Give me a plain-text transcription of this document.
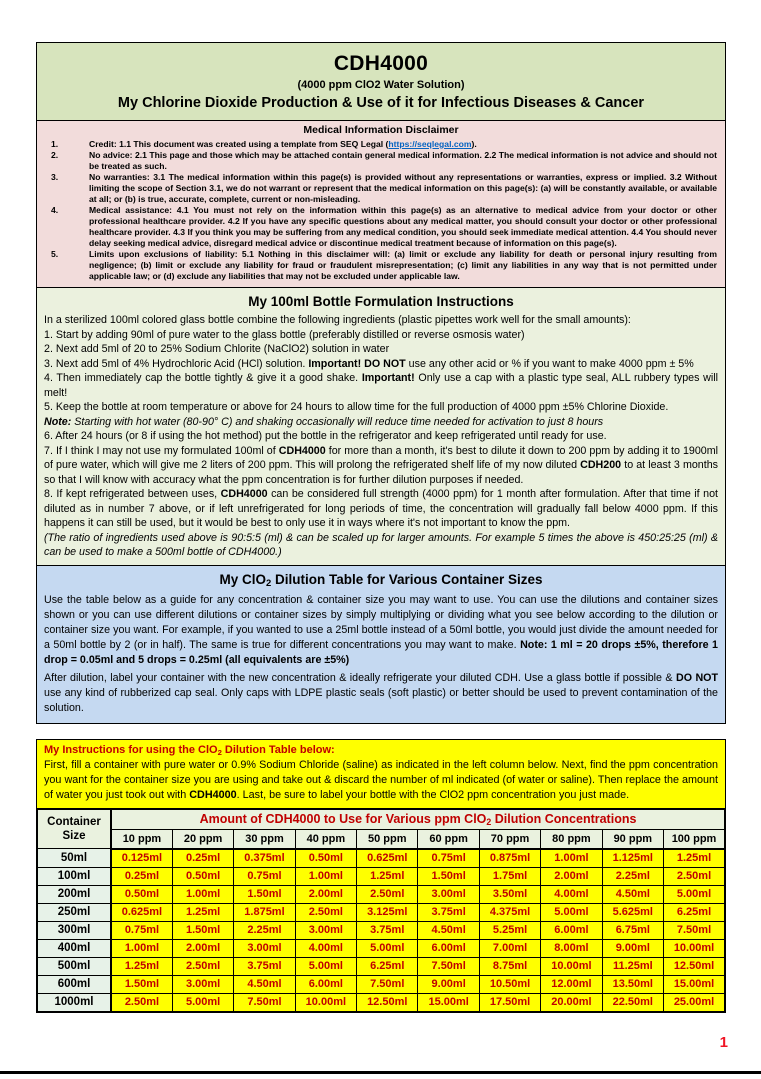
CDH4000
(4000 ppm ClO2 Water Solution)
My Chlorine Dioxide Production & Use of it for Infectious Diseases & Cancer
Medical Information Disclaimer
1.	Credit: 1.1 This document was created using a template from SEQ Legal (https://seqlegal.com).
2.	No advice: 2.1 This page and those which may be attached contain general medical information. 2.2 The medical information is not advice and should not be treated as such.
3.	No warranties: 3.1 The medical information within this page(s) is provided without any representations or warranties, express or implied. 3.2 Without limiting the scope of Section 3.1, we do not warrant or represent that the medical information on this page(s): (a) will be constantly available, or available at all; or (b) is true, accurate, complete, current or non-misleading.
4.	Medical assistance: 4.1 You must not rely on the information within this page(s) as an alternative to medical advice from your doctor or other professional healthcare provider. 4.2 If you have any specific questions about any medical matter, you should consult your doctor or other professional healthcare provider. 4.3 If you think you may be suffering from any medical condition, you should seek immediate medical attention. 4.4 You should never delay seeking medical advice, disregard medical advice or discontinue medical treatment because of information on this page(s).
5.	Limits upon exclusions of liability: 5.1 Nothing in this disclaimer will: (a) limit or exclude any liability for death or personal injury resulting from negligence; (b) limit or exclude any liability for fraud or fraudulent misrepresentation; (c) limit any liabilities in any way that is not permitted under applicable law; or (d) exclude any liabilities that may not be excluded under applicable law.
My 100ml Bottle Formulation Instructions
In a sterilized 100ml colored glass bottle combine the following ingredients (plastic pipettes work well for the small amounts):
1. Start by adding 90ml of pure water to the glass bottle (preferably distilled or reverse osmosis water)
2. Next add 5ml of 20 to 25% Sodium Chlorite (NaClO2) solution in water
3. Next add 5ml of 4% Hydrochloric Acid (HCl) solution. Important! DO NOT use any other acid or % if you want to make 4000 ppm ± 5%
4. Then immediately cap the bottle tightly & give it a good shake. Important! Only use a cap with a plastic type seal, ALL rubbery types will melt!
5. Keep the bottle at room temperature or above for 24 hours to allow time for the full production of 4000 ppm ±5% Chlorine Dioxide.
Note: Starting with hot water (80-90° C) and shaking occasionally will reduce time needed for activation to just 8 hours
6. After 24 hours (or 8 if using the hot method) put the bottle in the refrigerator and keep refrigerated until ready for use.
7. If I think I may not use my formulated 100ml of CDH4000 for more than a month, it's best to dilute it down to 200 ppm by adding it to 1900ml of pure water, which will give me 2 liters of 200 ppm. This will prolong the refrigerated shelf life of my now diluted CDH200 to at least 3 months so that I will know with accuracy what the ppm concentration is for further dilution purposes if needed.
8. If kept refrigerated between uses, CDH4000 can be considered full strength (4000 ppm) for 1 month after formulation. After that time if not diluted as in number 7 above, or if left unrefrigerated for long periods of time, the concentration will gradually fall below 4000 ppm. If this happens it can still be used, but it would be best to only use it in ways where it's not important to know the ppm.
(The ratio of ingredients used above is 90:5:5 (ml) & can be scaled up for larger amounts. For example 5 times the above is 450:25:25 (ml) & can be used to make a 500ml bottle of CDH4000.)
My ClO2 Dilution Table for Various Container Sizes
Use the table below as a guide for any concentration & container size you may want to use. You can use the dilutions and container sizes shown or you can use different dilutions or container sizes by simply multiplying or dividing what you see below according to the dilution or container size you want. For example, if you wanted to use a 25ml bottle instead of a 50ml bottle, you would just divide the amount needed for a 50ml bottle by 2 (or in half). The same is true for different concentrations you may want to make. Note: 1 ml = 20 drops ±5%, therefore 1 drop = 0.05ml and 5 drops = 0.25ml (all equivalents are ±5%)
After dilution, label your container with the new concentration & ideally refrigerate your diluted CDH. Use a glass bottle if possible & DO NOT use any kind of rubberized cap seal. Only caps with LDPE plastic seals (soft plastic) or better should be used to prevent contamination of the solution.
My Instructions for using the ClO2 Dilution Table below:
First, fill a container with pure water or 0.9% Sodium Chloride (saline) as indicated in the left column below. Next, find the ppm concentration you want for the container size you are using and take out & discard the number of ml indicated (of water or saline). Then replace the amount of water you just took out with CDH4000. Last, be sure to label your bottle with the ClO2 ppm concentration you just made.
Container
Size	Amount of CDH4000 to Use for Various ppm ClO2 Dilution Concentrations									
	10 ppm	20 ppm	30 ppm	40 ppm	50 ppm	60 ppm	70 ppm	80 ppm	90 ppm	100 ppm
50ml	0.125ml	0.25ml	0.375ml	0.50ml	0.625ml	0.75ml	0.875ml	1.00ml	1.125ml	1.25ml
100ml	0.25ml	0.50ml	0.75ml	1.00ml	1.25ml	1.50ml	1.75ml	2.00ml	2.25ml	2.50ml
200ml	0.50ml	1.00ml	1.50ml	2.00ml	2.50ml	3.00ml	3.50ml	4.00ml	4.50ml	5.00ml
250ml	0.625ml	1.25ml	1.875ml	2.50ml	3.125ml	3.75ml	4.375ml	5.00ml	5.625ml	6.25ml
300ml	0.75ml	1.50ml	2.25ml	3.00ml	3.75ml	4.50ml	5.25ml	6.00ml	6.75ml	7.50ml
400ml	1.00ml	2.00ml	3.00ml	4.00ml	5.00ml	6.00ml	7.00ml	8.00ml	9.00ml	10.00ml
500ml	1.25ml	2.50ml	3.75ml	5.00ml	6.25ml	7.50ml	8.75ml	10.00ml	11.25ml	12.50ml
600ml	1.50ml	3.00ml	4.50ml	6.00ml	7.50ml	9.00ml	10.50ml	12.00ml	13.50ml	15.00ml
1000ml	2.50ml	5.00ml	7.50ml	10.00ml	12.50ml	15.00ml	17.50ml	20.00ml	22.50ml	25.00ml
1
